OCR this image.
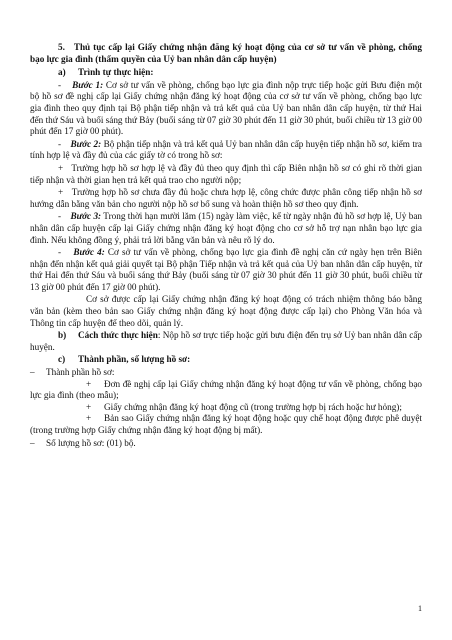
5.   Thủ tục cấp lại Giấy chứng nhận đăng ký hoạt động của cơ sở tư vấn về phòng, chống bạo lực gia đình (thẩm quyền của Uỷ ban nhân dân cấp huyện)

a) Trình tự thực hiện:

-    Bước 1: Cơ sở tư vấn về phòng, chống bạo lực gia đình nộp trực tiếp hoặc gửi Bưu điện một bộ hồ sơ đề nghị cấp lại Giấy chứng nhận đăng ký hoạt động của cơ sở tư vấn về phòng, chống bạo lực gia đình theo quy định tại Bộ phận tiếp nhận và trả kết quả của Uỷ ban nhân dân cấp huyện, từ thứ Hai đến thứ Sáu và buổi sáng thứ Bảy (buổi sáng từ 07 giờ 30 phút đến 11 giờ 30 phút, buổi chiều từ 13 giờ 00 phút đến 17 giờ 00 phút).

-    Bước 2: Bộ phận tiếp nhận và trả kết quả Uỷ ban nhân dân cấp huyện tiếp nhận hồ sơ, kiểm tra tính hợp lệ và đầy đủ của các giấy tờ có trong hồ sơ:

+   Trường hợp hồ sơ hợp lệ và đầy đủ theo quy định thì cấp Biên nhận hồ sơ có ghi rõ thời gian tiếp nhận và thời gian hẹn trả kết quả trao cho người nộp;

+   Trường hợp hồ sơ chưa đầy đủ hoặc chưa hợp lệ, công chức được phân công tiếp nhận hồ sơ hướng dẫn bằng văn bản cho người nộp hồ sơ bổ sung và hoàn thiện hồ sơ theo quy định.

-    Bước 3: Trong thời hạn mười lăm (15) ngày làm việc, kể từ ngày nhận đủ hồ sơ hợp lệ, Uỷ ban nhân dân cấp huyện cấp lại Giấy chứng nhận đăng ký hoạt động cho cơ sở hỗ trợ nạn nhân bạo lực gia đình. Nếu không đồng ý, phải trả lời bằng văn bản và nêu rõ lý do.

-    Bước 4: Cơ sở tư vấn về phòng, chống bạo lực gia đình đề nghị căn cứ ngày hẹn trên Biên nhận đến nhận kết quả giải quyết tại Bộ phận Tiếp nhận và trả kết quả của Uỷ ban nhân dân cấp huyện, từ thứ Hai đến thứ Sáu và buổi sáng thứ Bảy (buổi sáng từ 07 giờ 30 phút đến 11 giờ 30 phút, buổi chiều từ 13 giờ 00 phút đến 17 giờ 00 phút).

Cơ sở được cấp lại Giấy chứng nhận đăng ký hoạt động có trách nhiệm thông báo bằng văn bản (kèm theo bản sao Giấy chứng nhận đăng ký hoạt động được cấp lại) cho Phòng Văn hóa và Thông tin cấp huyện để theo dõi, quản lý.

b) Cách thức thực hiện: Nộp hồ sơ trực tiếp hoặc gửi bưu điện đến trụ sở Uỷ ban nhân dân cấp huyện.

c) Thành phần, số lượng hồ sơ:

– Thành phần hồ sơ:

+ Đơn đề nghị cấp lại Giấy chứng nhận đăng ký hoạt động tư vấn về phòng, chống bạo lực gia đình (theo mẫu);

+ Giấy chứng nhận đăng ký hoạt động cũ (trong trường hợp bị rách hoặc hư hỏng);

+ Bản sao Giấy chứng nhận đăng ký hoạt động hoặc quy chế hoạt động được phê duyệt (trong trường hợp Giấy chứng nhận đăng ký hoạt động bị mất).

– Số lượng hồ sơ: (01) bộ.

1
